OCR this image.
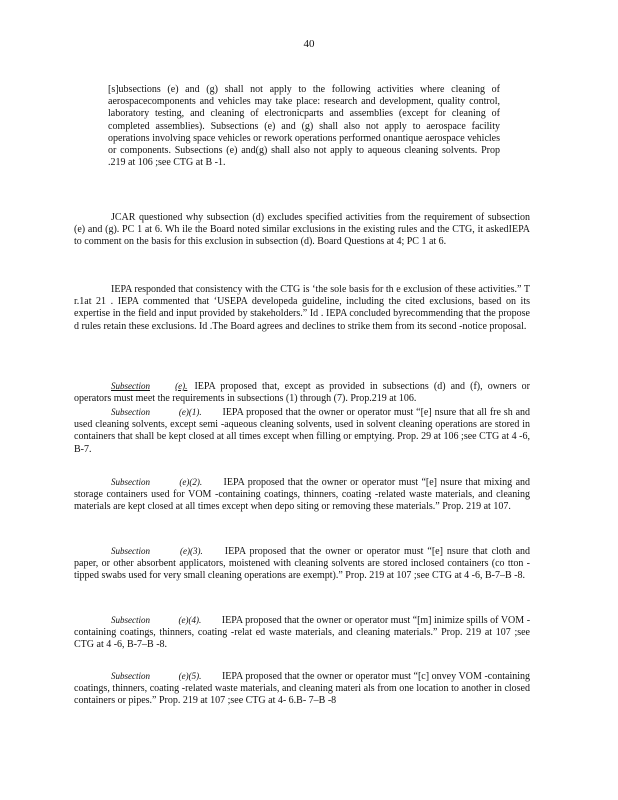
40

[s]ubsections (e) and (g) shall not apply to the following activities where cleaning of aerospacecomponents and vehicles may take place: research and development, quality control, laboratory testing, and cleaning of electronicparts and assemblies (except for cleaning of completed assemblies). Subsections (e) and (g) shall also not apply to aerospace facility operations involving space vehicles or rework operations performed onantique aerospace vehicles or components. Subsections (e) and(g) shall also not apply to aqueous cleaning solvents. Prop .219 at 106 ;see CTG at B -1.

JCAR questioned why subsection (d) excludes specified activities from the requirement of subsection (e) and (g). PC 1 at 6. Wh ile the Board noted similar exclusions in the existing rules and the CTG, it askedIEPA to comment on the basis for this exclusion in subsection (d). Board Questions at 4; PC 1 at 6.

IEPA responded that consistency with the CTG is ‘the sole basis for th e exclusion of these activities.” T r.1at 21 . IEPA commented that ‘USEPA developeda guideline, including the cited exclusions, based on its expertise in the field and input provided by stakeholders.” Id . IEPA concluded byrecommending that the propose d rules retain these exclusions. Id .The Board agrees and declines to strike them from its second -notice proposal.

Subsection	(e). IEPA proposed that, except as provided in subsections (d) and (f), owners or operators must meet the requirements in subsections (1) through (7). Prop.219 at 106.

Subsection	(e)(1). IEPA proposed that the owner or operator must “[e] nsure that all fre sh and used cleaning solvents, except semi -aqueous cleaning solvents, used in solvent cleaning operations are stored in containers that shall be kept closed at all times except when filling or emptying. Prop. 29 at 106 ;see CTG at 4 -6, B-7.

Subsection	(e)(2). IEPA proposed that the owner or operator must “[e] nsure that mixing and storage containers used for VOM -containing coatings, thinners, coating -related waste materials, and cleaning materials are kept closed at all times except when depo siting or removing these materials.” Prop. 219 at 107.

Subsection	(e)(3). IEPA proposed that the owner or operator must “[e] nsure that cloth and paper, or other absorbent applicators, moistened with cleaning solvents are stored inclosed containers (co tton -tipped swabs used for very small cleaning operations are exempt).” Prop. 219 at 107 ;see CTG at 4 -6, B-7–B -8.

Subsection	(e)(4). IEPA proposed that the owner or operator must “[m] inimize spills of VOM -containing coatings, thinners, coating -relat ed waste materials, and cleaning materials.” Prop. 219 at 107 ;see CTG at 4 -6, B-7–B -8.

Subsection	(e)(5). IEPA proposed that the owner or operator must “[c] onvey VOM -containing coatings, thinners, coating -related waste materials, and cleaning materi als from one location to another in closed containers or pipes.” Prop. 219 at 107 ;see CTG at 4- 6.B- 7–B -8
